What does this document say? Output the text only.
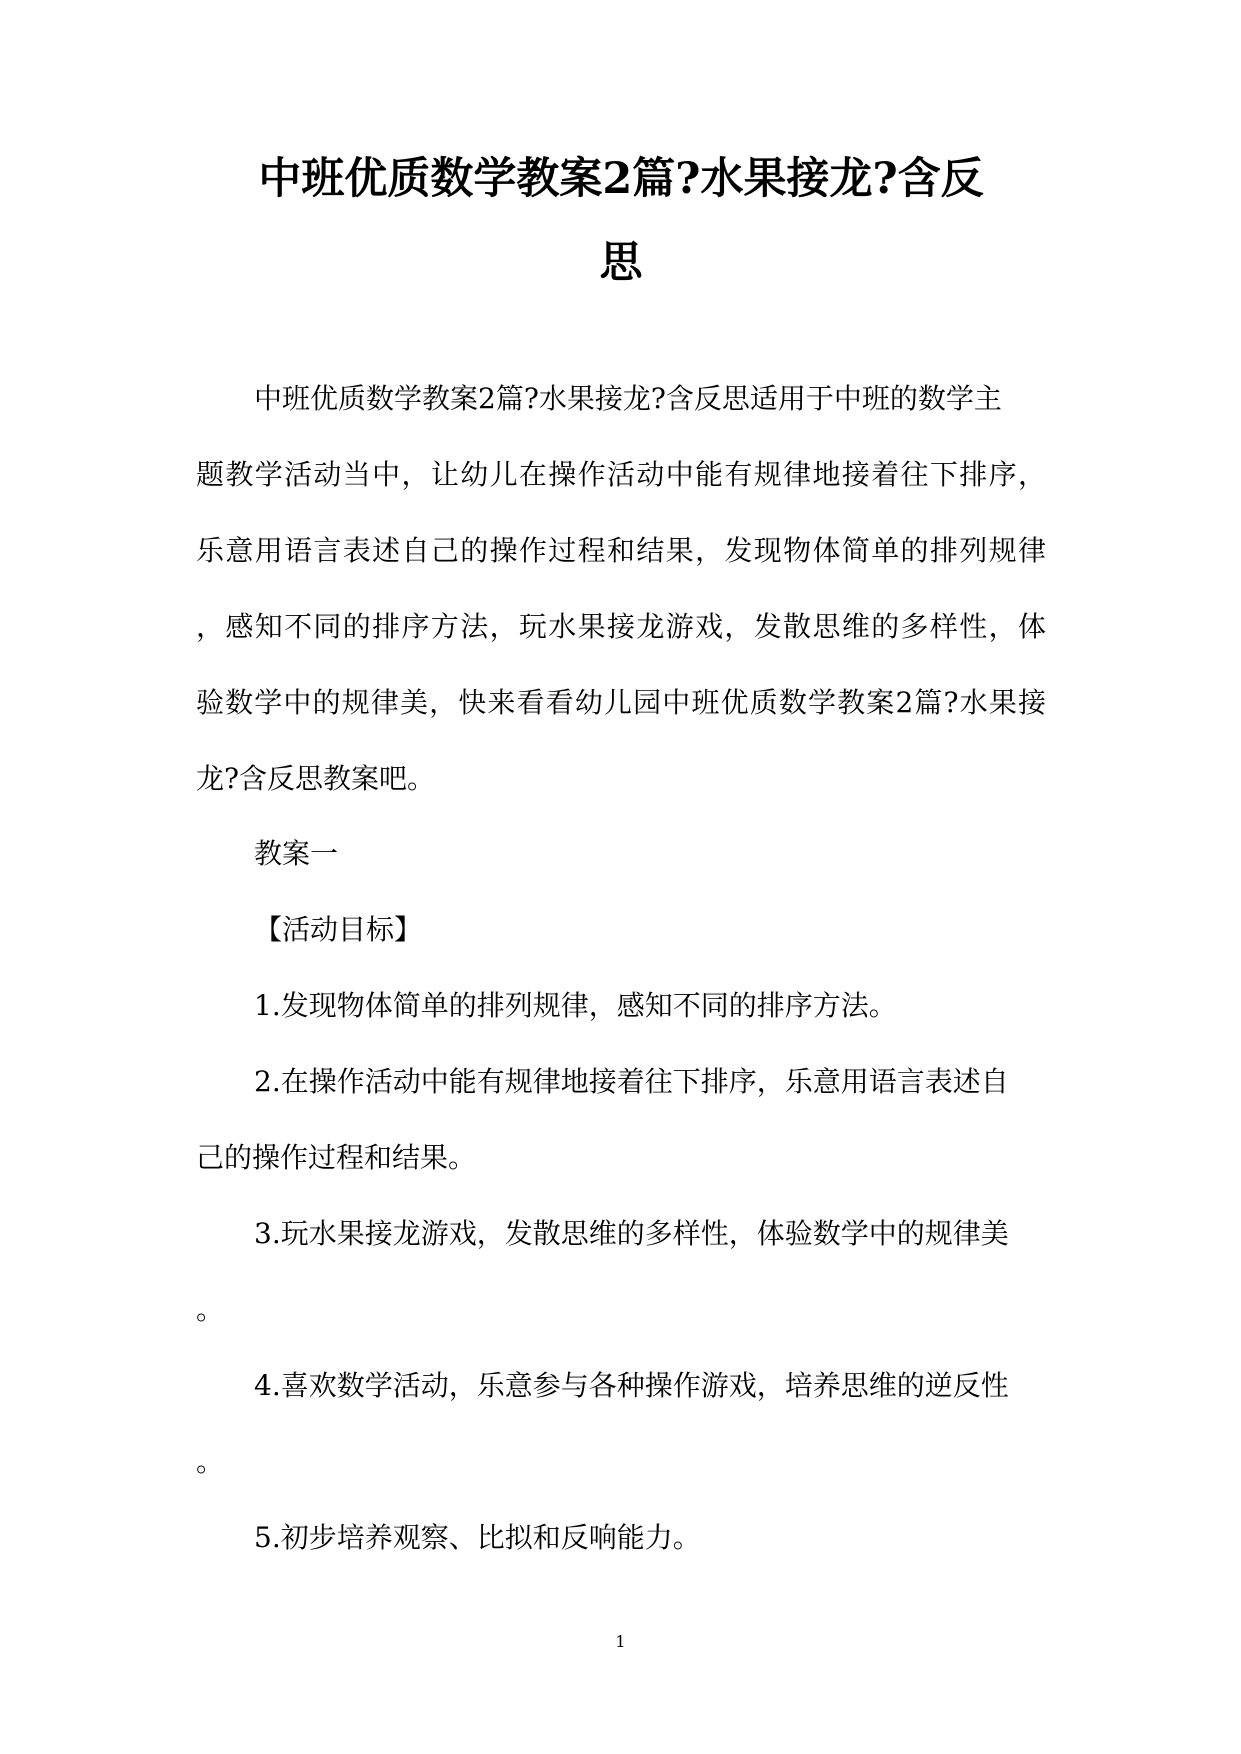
中班优质数学教案2篇?水果接龙?含反
思

中班优质数学教案2篇?水果接龙?含反思适用于中班的数学主

题教学活动当中，让幼儿在操作活动中能有规律地接着往下排序，

乐意用语言表述自己的操作过程和结果，发现物体简单的排列规律

，感知不同的排序方法，玩水果接龙游戏，发散思维的多样性，体

验数学中的规律美，快来看看幼儿园中班优质数学教案2篇?水果接

龙?含反思教案吧。

教案一

【活动目标】

1.发现物体简单的排列规律，感知不同的排序方法。

2.在操作活动中能有规律地接着往下排序，乐意用语言表述自

己的操作过程和结果。

3.玩水果接龙游戏，发散思维的多样性，体验数学中的规律美

。

4.喜欢数学活动，乐意参与各种操作游戏，培养思维的逆反性

。

5.初步培养观察、比拟和反响能力。

1
